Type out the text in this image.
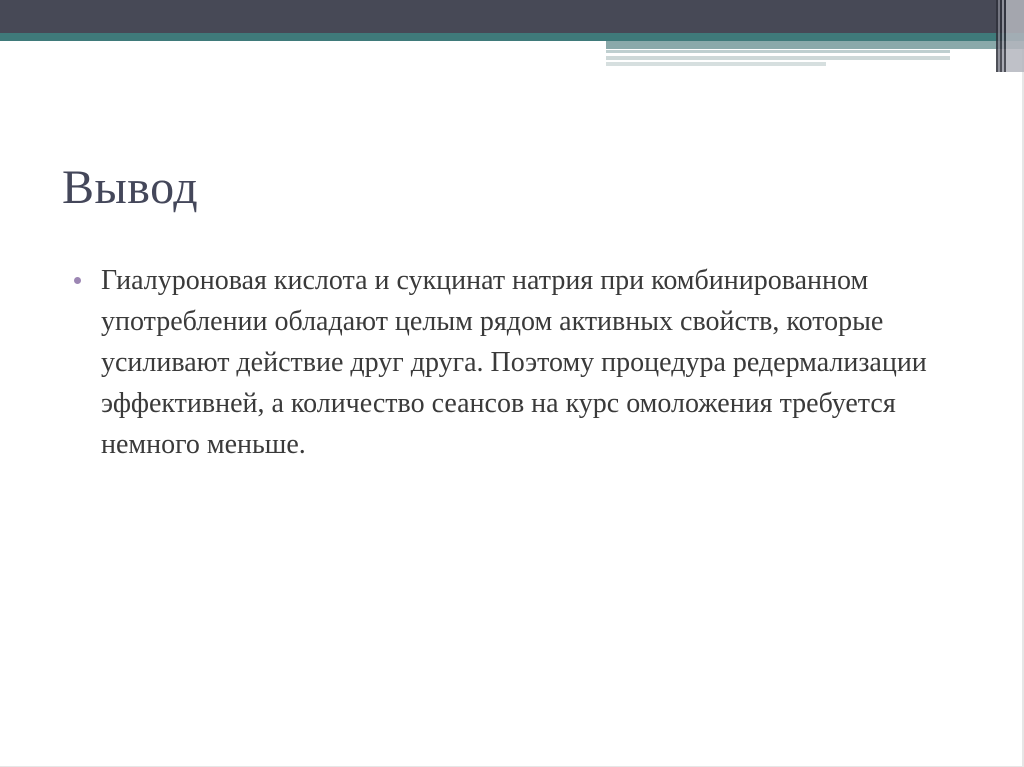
Вывод
Гиалуроновая кислота и сукцинат натрия при комбинированном употреблении обладают целым рядом активных свойств, которые усиливают действие друг друга. Поэтому процедура редермализации эффективней, а количество сеансов на курс омоложения требуется немного меньше.
